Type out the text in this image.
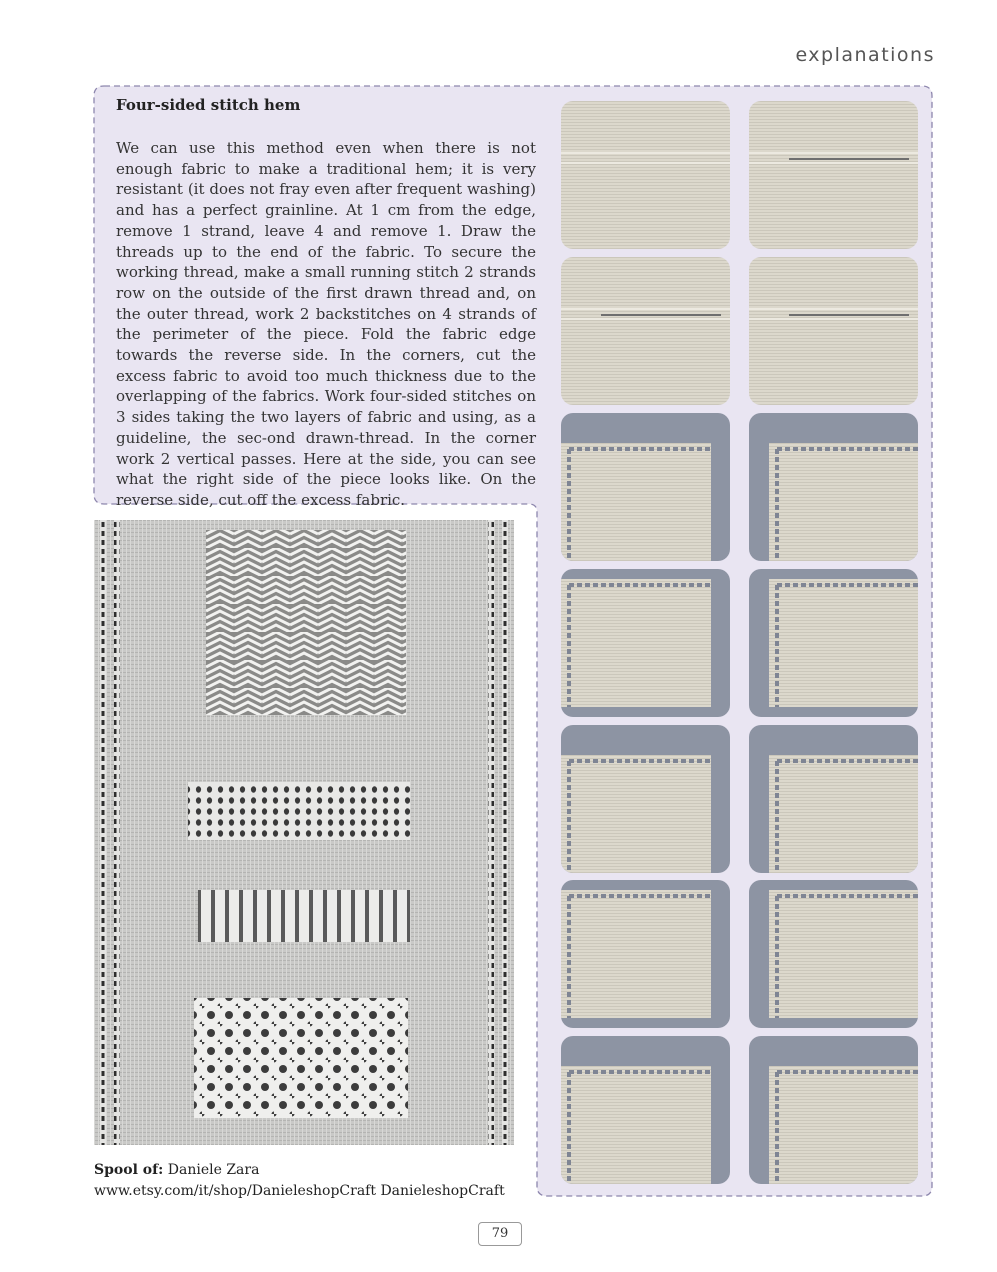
explanations
Four-sided stitch hem

We can use this method even when there is not enough fabric to make a traditional hem; it is very resistant (it does not fray even after frequent washing) and has a perfect grainline. At 1 cm from the edge, remove 1 strand, leave 4 and remove 1. Draw the threads up to the end of the fabric. To secure the working thread, make a small running stitch 2 strands row on the outside of the first drawn thread and, on the outer thread, work 2 backstitches on 4 strands of the perimeter of the piece. Fold the fabric edge towards the reverse side. In the corners, cut the excess fabric to avoid too much thickness due to the overlapping of the fabrics. Work four-sided stitches on 3 sides taking the two layers of fabric and using, as a guideline, the sec-ond drawn-thread. In the corner work 2 vertical passes. Here at the side, you can see what the right side of the piece looks like. On the reverse side, cut off the excess fabric.

Spool of: Daniele Zara
www.etsy.com/it/shop/DanieleshopCraft DanieleshopCraft
79
